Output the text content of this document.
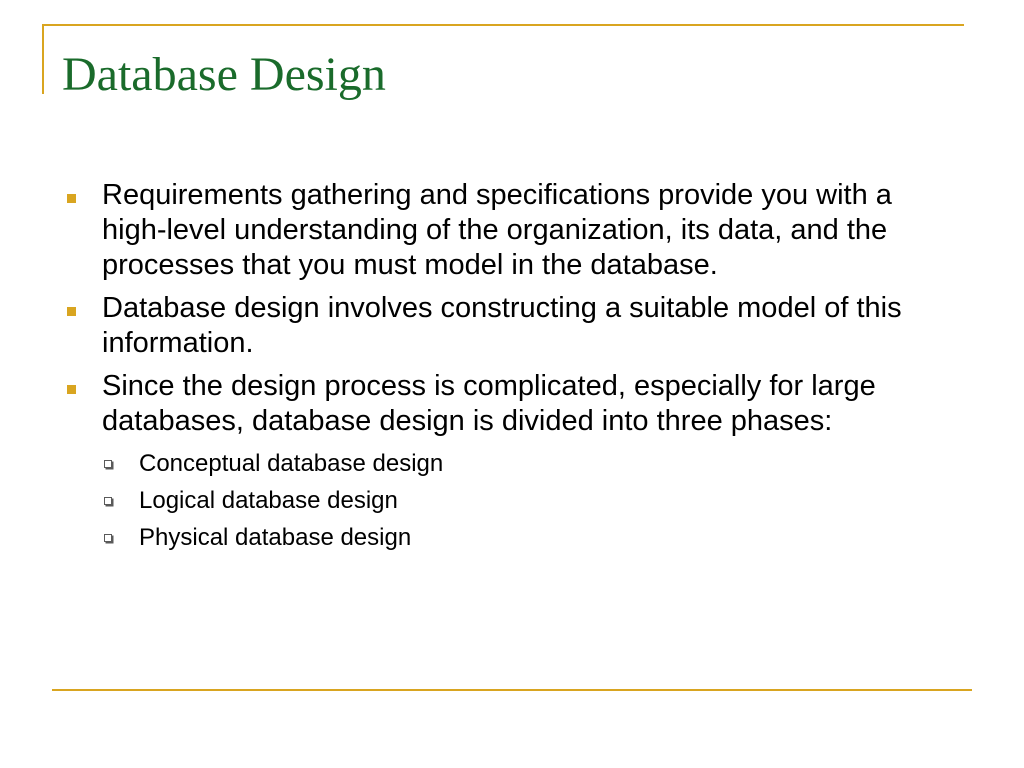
Database Design
Requirements gathering and specifications provide you with a high-level understanding of the organization, its data, and the processes that you must model in the database.
Database design involves constructing a suitable model of this information.
Since the design process is complicated, especially for large databases, database design is divided into three phases:
Conceptual database design
Logical database design
Physical database design
